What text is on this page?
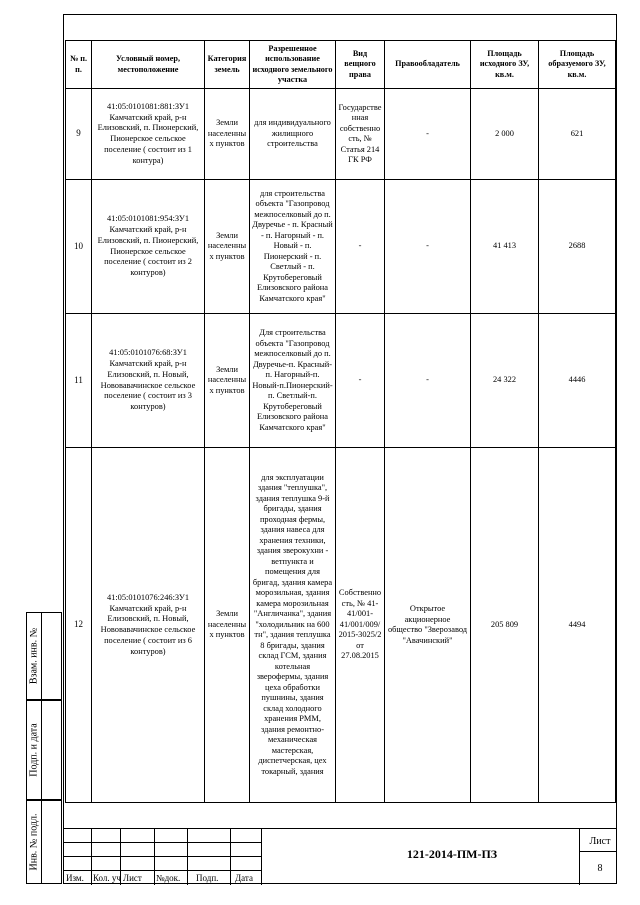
№ п. п.	Условный номер, местоположение	Категория земель	Разрешенное использование исходного земельного участка	Вид вещного права	Правообладатель	Площадь исходного ЗУ, кв.м.	Площадь образуемого ЗУ, кв.м.
9	41:05:0101081:881:ЗУ1 Камчатский край, р-н Елизовский, п. Пионерский, Пионерское сельское поселение ( состоит из 1 контура)	Земли населенных пунктов	для индивидуального жилищного строительства	Государственная собственность, № Статья 214 ГК РФ	-	2 000	621
10	41:05:0101081:954:ЗУ1 Камчатский край, р-н Елизовский, п. Пионерский, Пионерское сельское поселение ( состоит из 2 контуров)	Земли населенных пунктов	для строительства объекта "Газопровод межпоселковый до п. Двуречье - п. Красный - п. Нагорный - п. Новый - п. Пионерский - п. Светлый - п. Крутобереговый Елизовского района Камчатского края"	-	-	41 413	2688
11	41:05:0101076:68:ЗУ1 Камчатский край, р-н Елизовский, п. Новый, Нововавачинское сельское поселение ( состоит из 3 контуров)	Земли населенных пунктов	Для строительства объекта "Газопровод межпоселковый до п. Двуречье-п. Красный-п. Нагорный-п. Новый-п.Пионерский-п. Светлый-п. Крутобереговый Елизовского района Камчатского края"	-	-	24 322	4446
12	41:05:0101076:246:ЗУ1 Камчатский край, р-н Елизовский, п. Новый, Нововавачинское сельское поселение ( состоит из 6 контуров)	Земли населенных пунктов	для эксплуатации здания "теплушка", здания теплушка 9-й бригады, здания проходная фермы, здания навеса для хранения техники, здания зверокухни - ветпункта и помещения для бригад, здания камера морозильная, здания камера морозильная "Англичанка", здания "холодильник на 600 тн", здания теплушка 8 бригады, здания склад ГСМ, здания котельная зверофермы, здания цеха обработки пушнины, здания склад холодного хранения РММ, здания ремонтно-механическая мастерская, диспетчерская, цех токарный, здания	Собственность, № 41-41/001-41/001/009/2015-3025/2 от 27.08.2015	Открытое акционерное общество "Зверозавод "Авачинский"	205 809	4494
Взам. инв. №
Подп. и дата
Инв. № подл.
Изм. Кол. уч Лист №док. Подп. Дата
121-2014-ПМ-ПЗ
Лист
8
